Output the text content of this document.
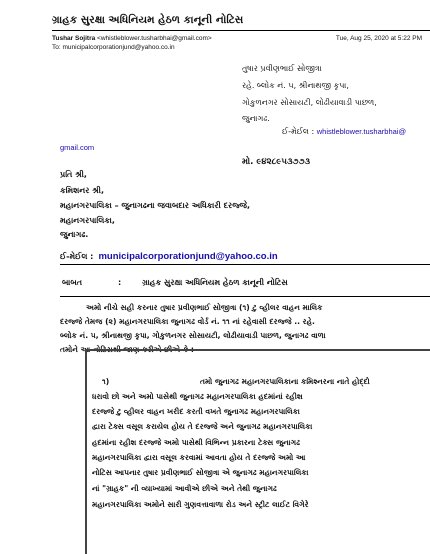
ગ્રાહક સુરક્ષા અધિનિયમ હેઠળ કાનૂની નોટિસ
Tushar Sojitra <whistleblower.tusharbhai@gmail.com>	Tue, Aug 25, 2020 at 5:22 PM
To: municipalcorporationjund@yahoo.co.in
તુષાર પ્રવીણભાઈ સોજીત્રા
રહે. બ્લોક નં. ૫, શ્રીનાથજી કૃપા,
ગોકુળનગર સોસાયટી, લોઢીયાવાડી પાછળ,
જુનાગઢ.
ઈ-મેઈલ : whistleblower.tusharbhai@
gmail.com
મો. ૯૪૨૮૯૫૩૭૭૩
પ્રતિ શ્રી,
કમિશનર શ્રી,
મહાનગરપાલિકા – જુનાગઢના જવાબદાર અધિકારી દરજ્જે,
મહાનગરપાલિકા,
જુનાગઢ.
ઈ-મેઈલ : municipalcorporationjund@yahoo.co.in
બાબત	:	ગ્રાહક સુરક્ષા અધિનિયમ હેઠળ કાનૂની નોટિસ
અમો નીચે સહી કરનાર તુષાર પ્રવીણભાઈ સોજીત્રા (૧) ટુ વ્હીલર વાહન માલિક
દરજ્જે તેમજ (૨) મહાનગરપાલિકા જુનાગઢ વોર્ડ નં. ૧૧ નાં રહેવાસી દરજ્જે .. રહે.
બ્લોક નં. ૫, શ્રીનાથજી કૃપા, ગોકુળનગર સોસાયટી, લોઢીયાવાડી પાછળ, જુનાગઢ વાળા
તમોને આ નોટિસથી જાણ કરીએ છીએ કે :-
૧)	તમો જુનાગઢ મહાનગરપાલિકાના કમિશ્નરના નાતે હોદ્દો
ધરાવો છો અને અમો પાસેથી જુનાગઢ મહાનગરપાલિકા હદમાંનાં રહીશ
દરજ્જે ટુ વ્હીલર વાહન ખરીદ કરતી વખતે જુનાગઢ મહાનગરપાલિકા
દ્વારા ટેક્સ વસૂલ કરાયેલ હોય તે દરજ્જે અને જુનાગઢ મહાનગરપાલિકા
હદમાંના રહીશ દરજ્જે અમો પાસેથી વિભિન્ન પ્રકારના ટેક્સ જુનાગઢ
મહાનગરપાલિકા દ્વારા વસૂલ કરવામાં આવતા હોય તે દરજ્જે અમો આ
નોટિસ આપનાર તુષાર પ્રવીણભાઈ સોજીત્રા એ જુનાગઢ મહાનગરપાલિકા
નાં "ગ્રાહક" ની વ્યાખ્યામાં આવીએ છીએ અને તેથી જુનાગઢ
મહાનગરપાલિકા અમોને સારી ગુણવત્તાવાળા રોડ અને સ્ટ્રીટ લાઈટ વિગેરે
